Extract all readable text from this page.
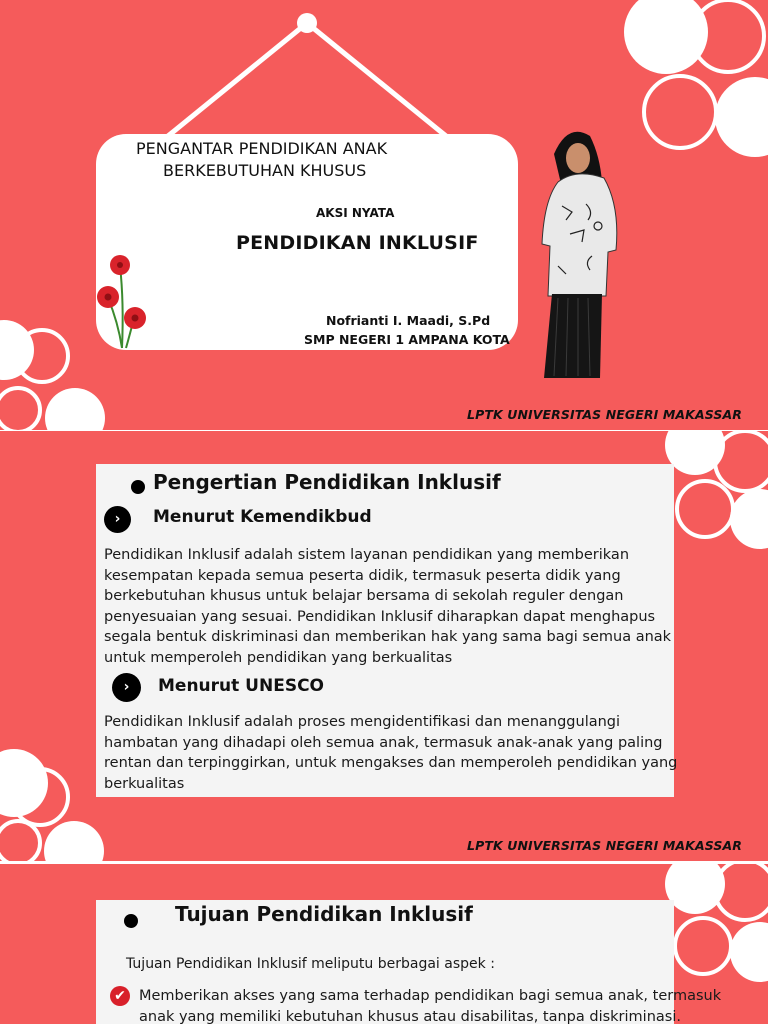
PENGANTAR PENDIDIKAN ANAK
BERKEBUTUHAN KHUSUS
AKSI NYATA
PENDIDIKAN INKLUSIF
Nofrianti I. Maadi, S.Pd
SMP NEGERI 1 AMPANA KOTA
LPTK UNIVERSITAS NEGERI MAKASSAR
Pengertian Pendidikan Inklusif
›	Menurut Kemendikbud
Pendidikan Inklusif adalah sistem layanan pendidikan yang memberikan
kesempatan kepada semua peserta didik, termasuk peserta didik yang
berkebutuhan khusus untuk belajar bersama di sekolah reguler dengan
penyesuaian yang sesuai. Pendidikan Inklusif diharapkan dapat menghapus
segala bentuk diskriminasi dan memberikan hak yang sama bagi semua anak
untuk memperoleh pendidikan yang berkualitas
›	Menurut UNESCO
Pendidikan Inklusif adalah proses mengidentifikasi dan menanggulangi
hambatan yang dihadapi oleh semua anak, termasuk anak-anak yang paling
rentan dan terpinggirkan, untuk mengakses dan memperoleh pendidikan yang
berkualitas
LPTK UNIVERSITAS NEGERI MAKASSAR
Tujuan Pendidikan Inklusif
Tujuan Pendidikan Inklusif meliputu berbagai aspek :
✔ Memberikan akses yang sama terhadap pendidikan bagi semua anak, termasuk
anak yang memiliki kebutuhan khusus atau disabilitas, tanpa diskriminasi.
